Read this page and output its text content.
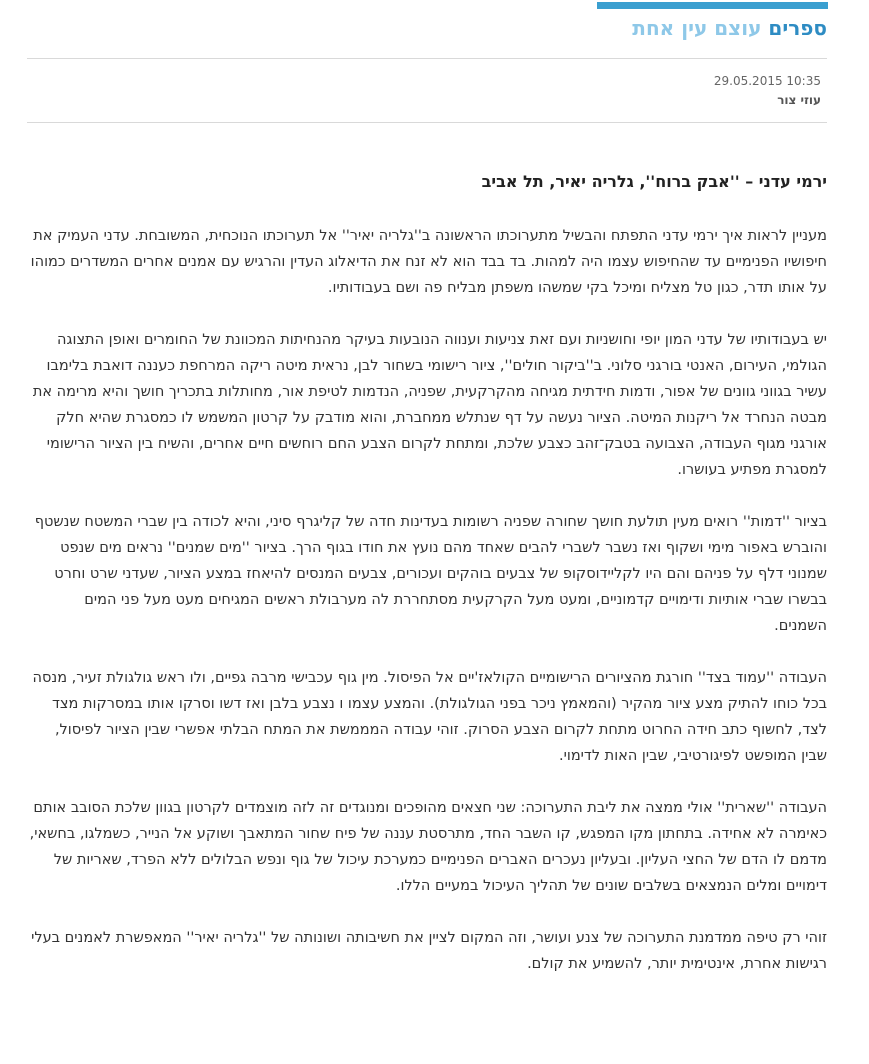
ספרים עוצם עין אחת
29.05.2015 10:35
עוזי צור
ירמי עדני – ''אבק ברוח'', גלריה יאיר, תל אביב

מעניין לראות איך ירמי עדני התפתח והבשיל מתערוכתו הראשונה ב''גלריה יאיר'' אל תערוכתו הנוכחית, המשובחת. עדני העמיק את חיפושיו הפנימיים עד שהחיפוש עצמו היה למהות. בד בבד הוא לא זנח את הדיאלוג העדין והרגיש עם אמנים אחרים המשדרים כמוהו על אותו תדר, כגון טל מצליח ומיכל בקי שמשהו משפתן מבליח פה ושם בעבודותיו.

יש בעבודותיו של עדני המון יופי וחושניות ועם זאת צניעות וענווה הנובעות בעיקר מהנחיתות המכוונת של החומרים ואופן התצוגה הגולמי, העירום, האנטי בורגני סלוני. ב''ביקור חולים'', ציור רישומי בשחור לבן, נראית מיטה ריקה המרחפת כעננה דואבת בלימבו עשיר בגווני גוונים של אפור, ודמות חידתית מגיחה מהקרקעית, שפניה, הנדמות לטיפת אור, מחותלות בתכריך חושך והיא מרימה את מבטה הנחרד אל ריקנות המיטה. הציור נעשה על דף שנתלש ממחברת, והוא מודבק על קרטון המשמש לו כמסגרת שהיא חלק אורגני מגוף העבודה, הצבועה בטבק־זהב כצבע שלכת, ומתחת לקרום הצבע החם רוחשים חיים אחרים, והשיח בין הציור הרישומי למסגרת מפתיע בעושרו.

בציור ''דמות'' רואים מעין תולעת חושך שחורה שפניה רשומות בעדינות חדה של קליגרף סיני, והיא לכודה בין שברי המשטח שנשטף והוברש באפור מימי ושקוף ואז נשבר לשברי להבים שאחד מהם נועץ את חודו בגוף הרך. בציור ''מים שמנים'' נראים מים שנפט שמנוני דלף על פניהם והם היו לקליידוסקופ של צבעים בוהקים ועכורים, צבעים המנסים להיאחז במצע הציור, שעדני שרט וחרט בבשרו שברי אותיות ודימויים קדמוניים, ומעט מעל הקרקעית מסתחררת לה מערבולת ראשים המגיחים מעט מעל פני המים השמנים.

העבודה ''עמוד בצד'' חורגת מהציורים הרישומיים הקולאז'יים אל הפיסול. מין גוף עכבישי מרבה גפיים, ולו ראש גולגולת זעיר, מנסה בכל כוחו להתיק מצע ציור מהקיר (והמאמץ ניכר בפני הגולגולת). והמצע עצמו ו נצבע בלבן ואז דשו וסרקו אותו במסרקות מצד לצד, לחשוף כתב חידה החרוט מתחת לקרום הצבע הסרוק. זוהי עבודה המממשת את המתח הבלתי אפשרי שבין הציור לפיסול, שבין המופשט לפיגורטיבי, שבין האות לדימוי.

העבודה ''שארית'' אולי ממצה את ליבת התערוכה: שני חצאים מהופכים ומנוגדים זה לזה מוצמדים לקרטון בגוון שלכת הסובב אותם כאימרה לא אחידה. בתחתון מקו המפגש, קו השבר החד, מתרסטת עננה של פיח שחור המתאבך ושוקע אל הנייר, כשמלגו, בחשאי, מדמם לו הדם של החצי העליון. ובעליון נעכרים האברים הפנימיים כמערכת עיכול של גוף ונפש הבלולים ללא הפרד, שאריות של דימויים ומלים הנמצאים בשלבים שונים של תהליך העיכול במעיים הללו.

זוהי רק טיפה ממדמנת התערוכה של צנע ועושר, וזה המקום לציין את חשיבותה ושונותה של ''גלריה יאיר'' המאפשרת לאמנים בעלי רגישות אחרת, אינטימית יותר, להשמיע את קולם.
